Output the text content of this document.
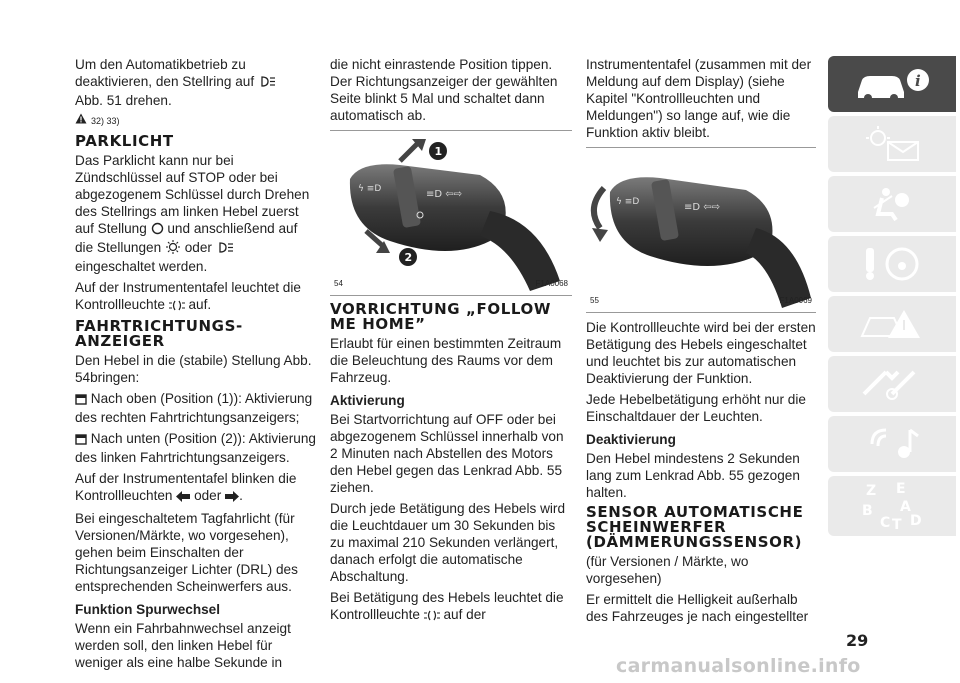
Um den Automatikbetrieb zu deaktivieren, den Stellring auf
Abb. 51 drehen.

32) 33)
PARKLICHT

Das Parklicht kann nur bei Zündschlüssel auf STOP oder bei abgezogenem Schlüssel durch Drehen des Stellrings am linken Hebel zuerst auf Stellung und anschließend auf die Stellungen oder  eingeschaltet werden.

Auf der Instrumententafel leuchtet die Kontrollleuchte auf.

FAHRTRICHTUNGS-ANZEIGER

Den Hebel in die (stabile) Stellung Abb. 54bringen:

Nach oben (Position (1)): Aktivierung des rechten Fahrtrichtungsanzeigers;

Nach unten (Position (2)): Aktivierung des linken Fahrtrichtungsanzeigers.

Auf der Instrumententafel blinken die Kontrollleuchten oder .

Bei eingeschaltetem Tagfahrlicht (für Versionen/Märkte, wo vorgesehen), gehen beim Einschalten der Richtungsanzeiger Lichter (DRL) des entsprechenden Scheinwerfers aus.

Funktion Spurwechsel

Wenn ein Fahrbahnwechsel anzeigt werden soll, den linken Hebel für weniger als eine halbe Sekunde in

die nicht einrastende Position tippen. Der Richtungsanzeiger der gewählten Seite blinkt 5 Mal und schaltet dann automatisch ab.

ϟ ≡D	≡D ⇦⇨
1
2
54	F1A0068
VORRICHTUNG „FOLLOW ME HOME”

Erlaubt für einen bestimmten Zeitraum die Beleuchtung des Raums vor dem Fahrzeug.

Aktivierung

Bei Startvorrichtung auf OFF oder bei abgezogenem Schlüssel innerhalb von 2 Minuten nach Abstellen des Motors den Hebel gegen das Lenkrad Abb. 55 ziehen.

Durch jede Betätigung des Hebels wird die Leuchtdauer um 30 Sekunden bis zu maximal 210 Sekunden verlängert, danach erfolgt die automatische Abschaltung.

Bei Betätigung des Hebels leuchtet die Kontrollleuchte auf der

Instrumententafel (zusammen mit der Meldung auf dem Display) (siehe Kapitel "Kontrollleuchten und Meldungen") so lange auf, wie die Funktion aktiv bleibt.

ϟ ≡D	≡D ⇦⇨
55	F1A0069

Die Kontrollleuchte wird bei der ersten Betätigung des Hebels eingeschaltet und leuchtet bis zur automatischen Deaktivierung der Funktion.

Jede Hebelbetätigung erhöht nur die Einschaltdauer der Leuchten.

Deaktivierung

Den Hebel mindestens 2 Sekunden lang zum Lenkrad Abb. 55 gezogen halten.

SENSOR AUTOMATISCHE SCHEINWERFER (DÄMMERUNGSSENSOR)

(für Versionen / Märkte, wo vorgesehen)

Er ermittelt die Helligkeit außerhalb des Fahrzeuges je nach eingestellter

i
Z E
A
B
C T D
29
carmanualsonline.info
